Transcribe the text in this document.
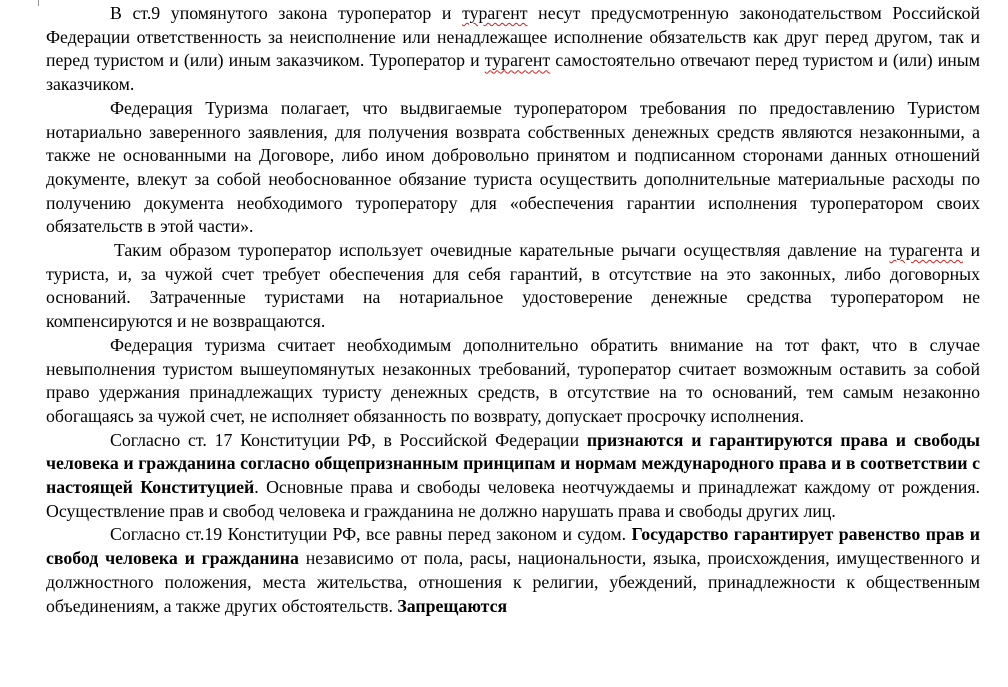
В ст.9 упомянутого закона туроператор и турагент несут предусмотренную законодательством Российской Федерации ответственность за неисполнение или ненадлежащее исполнение обязательств как друг перед другом, так и перед туристом и (или) иным заказчиком. Туроператор и турагент самостоятельно отвечают перед туристом и (или) иным заказчиком.

Федерация Туризма полагает, что выдвигаемые туроператором требования по предоставлению Туристом нотариально заверенного заявления, для получения возврата собственных денежных средств являются незаконными, а также не основанными на Договоре, либо ином добровольно принятом и подписанном сторонами данных отношений документе, влекут за собой необоснованное обязание туриста осуществить дополнительные материальные расходы по получению документа необходимого туроператору для «обеспечения гарантии исполнения туроператором своих обязательств в этой части».

Таким образом туроператор использует очевидные карательные рычаги осуществляя давление на турагента и туриста, и, за чужой счет требует обеспечения для себя гарантий, в отсутствие на это законных, либо договорных оснований. Затраченные туристами на нотариальное удостоверение денежные средства туроператором не компенсируются и не возвращаются.

Федерация туризма считает необходимым дополнительно обратить внимание на тот факт, что в случае невыполнения туристом вышеупомянутых незаконных требований, туроператор считает возможным оставить за собой право удержания принадлежащих туристу денежных средств, в отсутствие на то оснований, тем самым незаконно обогащаясь за чужой счет, не исполняет обязанность по возврату, допускает просрочку исполнения.

Согласно ст. 17 Конституции РФ, в Российской Федерации признаются и гарантируются права и свободы человека и гражданина согласно общепризнанным принципам и нормам международного права и в соответствии с настоящей Конституцией. Основные права и свободы человека неотчуждаемы и принадлежат каждому от рождения. Осуществление прав и свобод человека и гражданина не должно нарушать права и свободы других лиц.

Согласно ст.19 Конституции РФ, все равны перед законом и судом. Государство гарантирует равенство прав и свобод человека и гражданина независимо от пола, расы, национальности, языка, происхождения, имущественного и должностного положения, места жительства, отношения к религии, убеждений, принадлежности к общественным объединениям, а также других обстоятельств. Запрещаются
